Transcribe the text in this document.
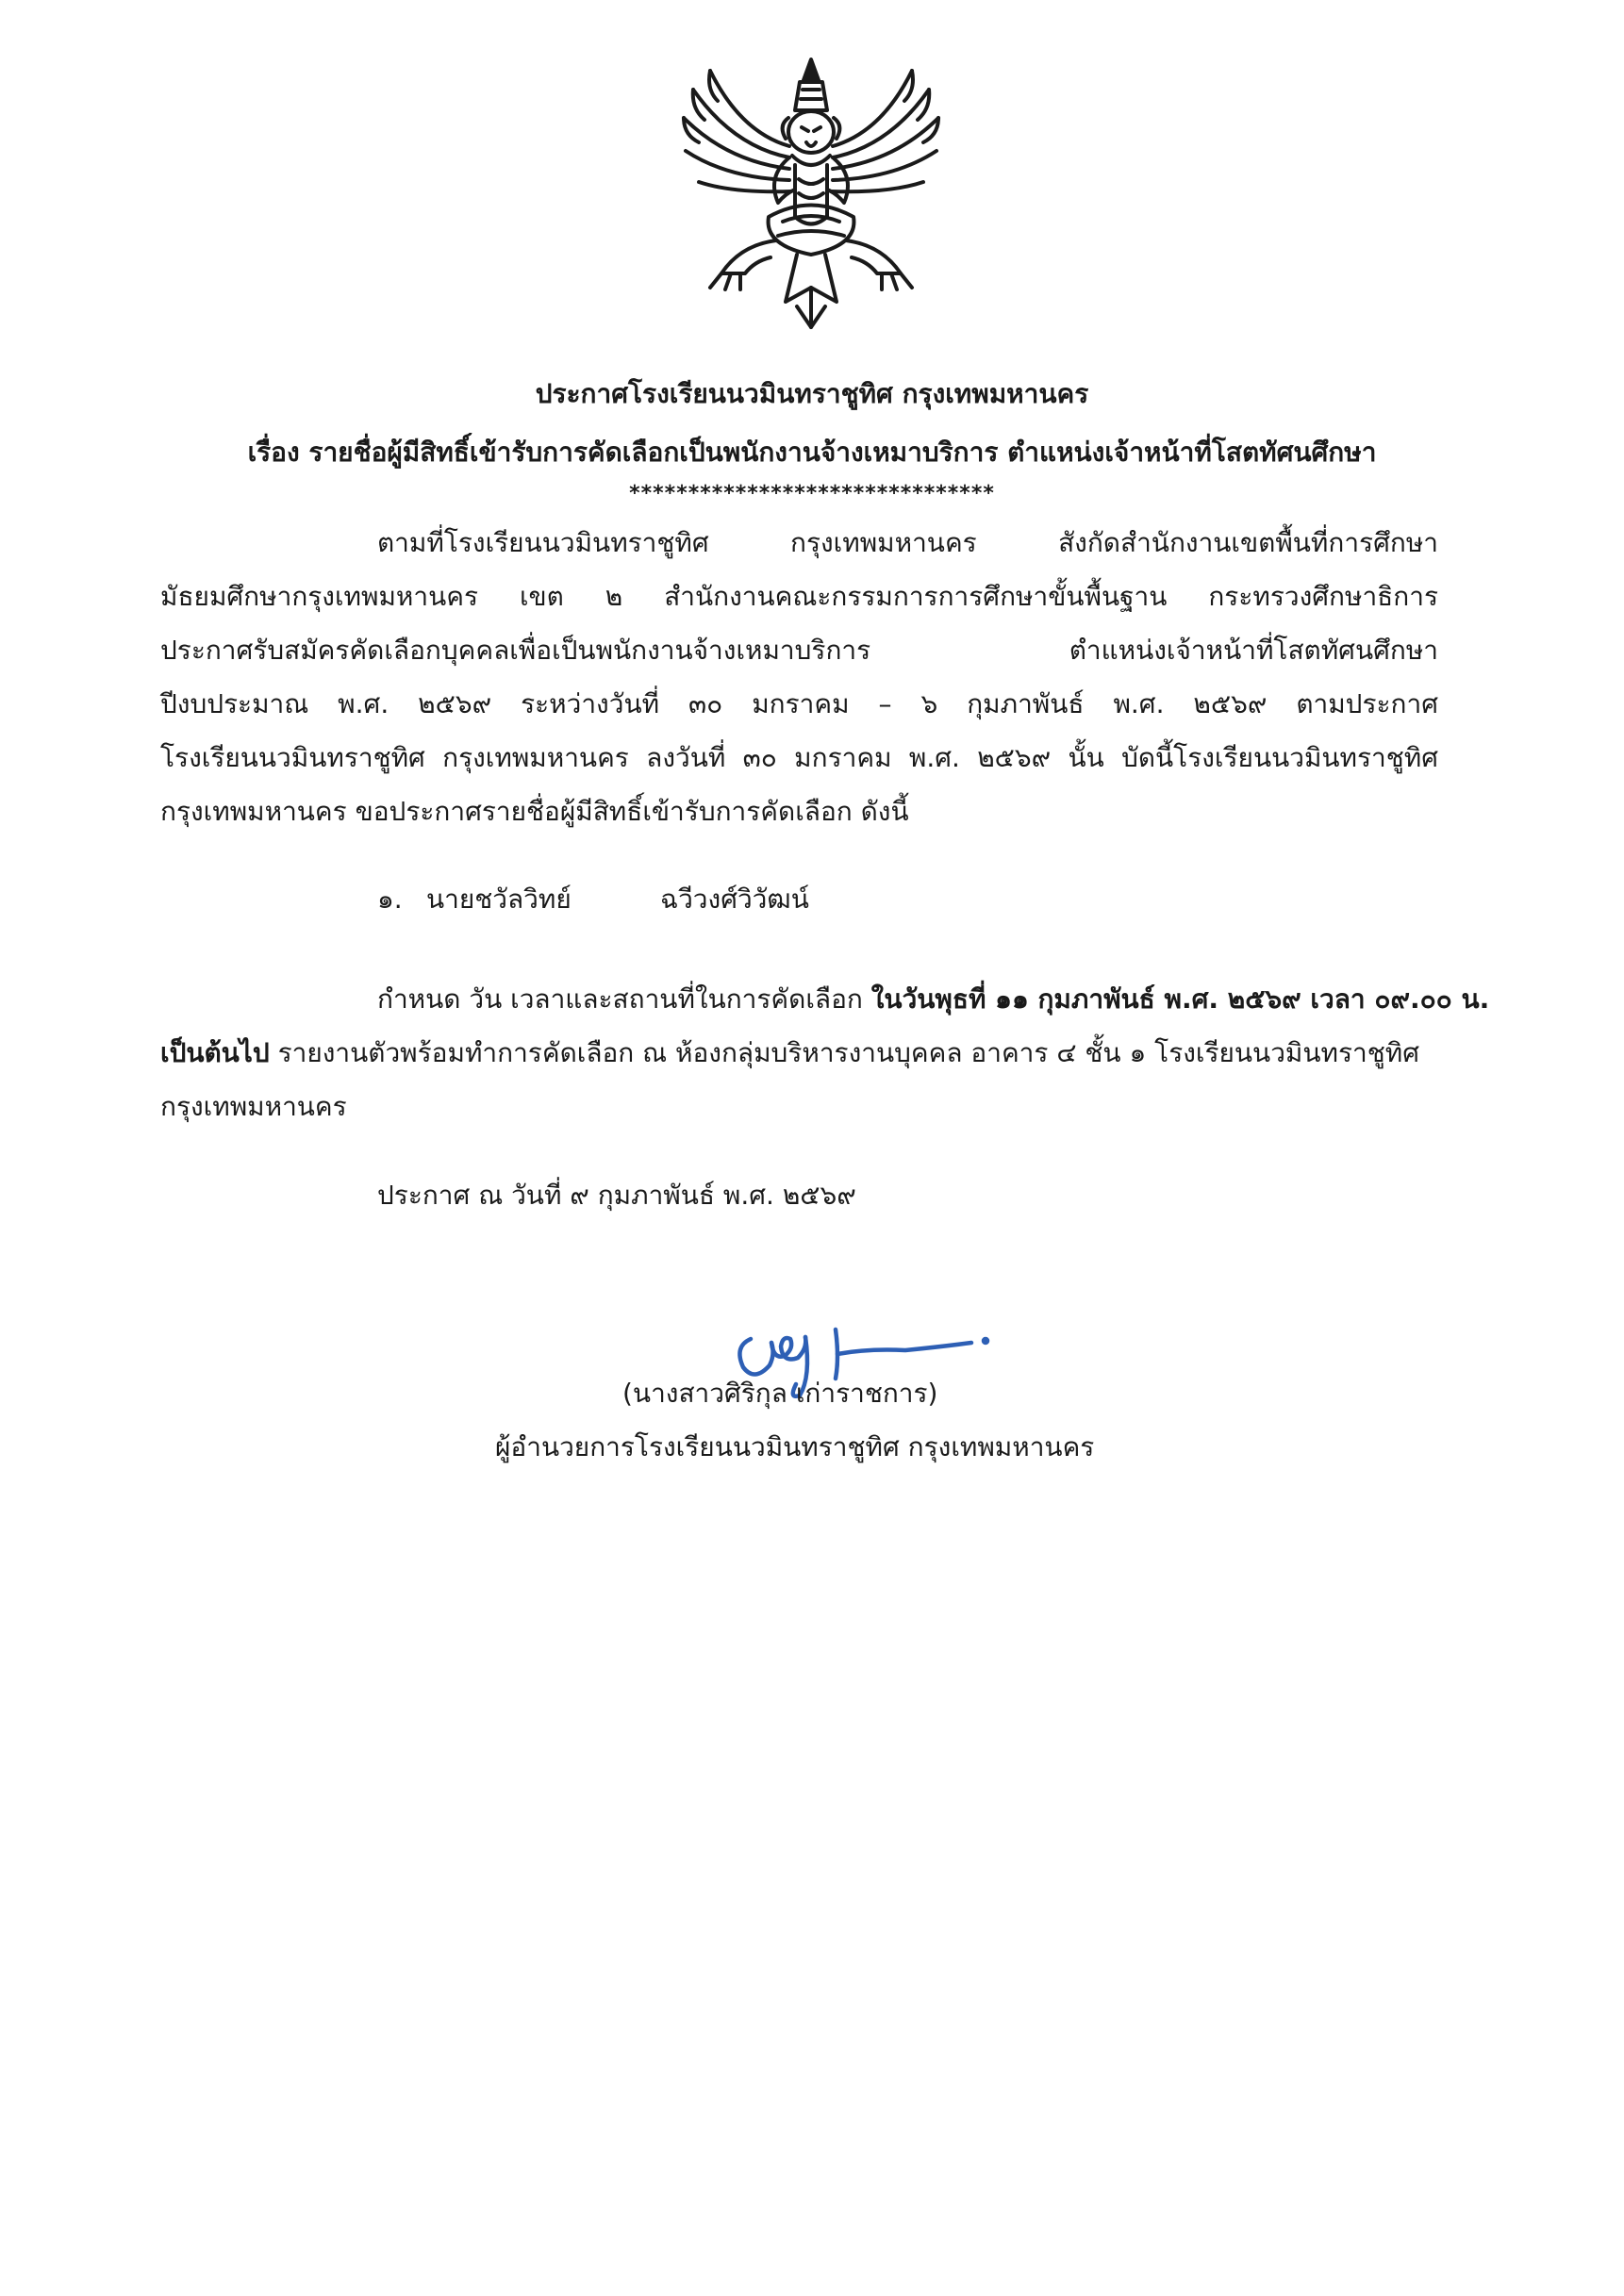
ประกาศโรงเรียนนวมินทราชูทิศ กรุงเทพมหานคร
เรื่อง รายชื่อผู้มีสิทธิ์เข้ารับการคัดเลือกเป็นพนักงานจ้างเหมาบริการ ตำแหน่งเจ้าหน้าที่โสตทัศนศึกษา
*******************************
ตามที่โรงเรียนนวมินทราชูทิศ กรุงเทพมหานคร สังกัดสำนักงานเขตพื้นที่การศึกษา
มัธยมศึกษากรุงเทพมหานคร เขต ๒ สำนักงานคณะกรรมการการศึกษาขั้นพื้นฐาน กระทรวงศึกษาธิการ
ประกาศรับสมัครคัดเลือกบุคคลเพื่อเป็นพนักงานจ้างเหมาบริการ ตำแหน่งเจ้าหน้าที่โสตทัศนศึกษา
ปีงบประมาณ พ.ศ. ๒๕๖๙ ระหว่างวันที่ ๓๐ มกราคม – ๖ กุมภาพันธ์ พ.ศ. ๒๕๖๙ ตามประกาศ
โรงเรียนนวมินทราชูทิศ กรุงเทพมหานคร ลงวันที่ ๓๐ มกราคม พ.ศ. ๒๕๖๙ นั้น บัดนี้โรงเรียนนวมินทราชูทิศ
กรุงเทพมหานคร ขอประกาศรายชื่อผู้มีสิทธิ์เข้ารับการคัดเลือก ดังนี้
๑. นายชวัลวิทย์	ฉวีวงศ์วิวัฒน์
กำหนด วัน เวลาและสถานที่ในการคัดเลือก ในวันพุธที่ ๑๑ กุมภาพันธ์ พ.ศ. ๒๕๖๙ เวลา ๐๙.๐๐ น.
เป็นต้นไป รายงานตัวพร้อมทำการคัดเลือก ณ ห้องกลุ่มบริหารงานบุคคล อาคาร ๔ ชั้น ๑ โรงเรียนนวมินทราชูทิศ
กรุงเทพมหานคร
ประกาศ ณ วันที่ ๙ กุมภาพันธ์ พ.ศ. ๒๕๖๙
(นางสาวศิริกุล เก่าราชการ)
ผู้อำนวยการโรงเรียนนวมินทราชูทิศ กรุงเทพมหานคร
